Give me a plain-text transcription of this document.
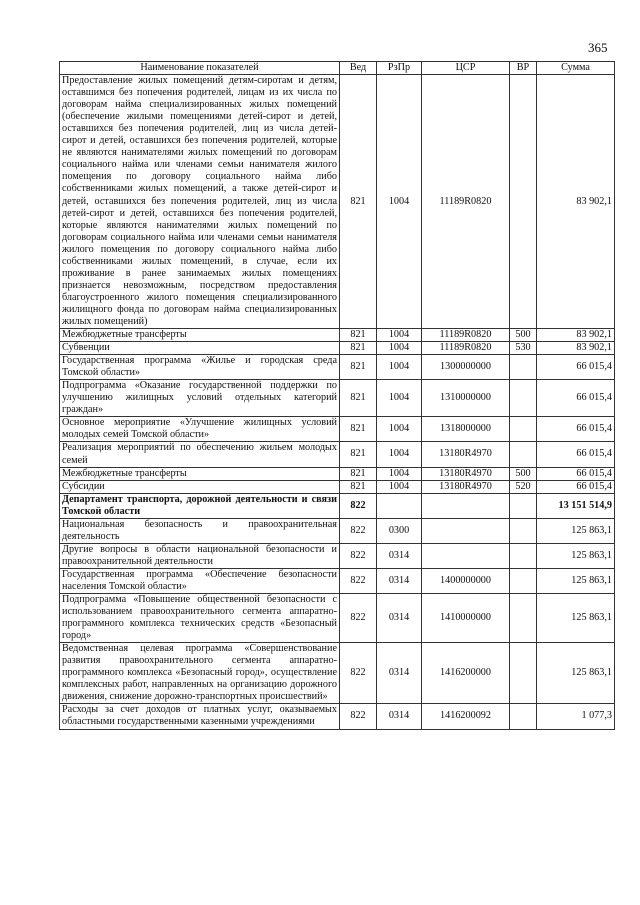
365
Наименование показателей	Вед	РзПр	ЦСР	ВР	Сумма
Предоставление жилых помещений детям-сиротам и детям, оставшимся без попечения родителей, лицам из их числа по договорам найма специализированных жилых помещений (обеспечение жилыми помещениями детей-сирот и детей, оставшихся без попечения родителей, лиц из числа детей-сирот и детей, оставшихся без попечения родителей, которые не являются нанимателями жилых помещений по договорам социального найма или членами семьи нанимателя жилого помещения по договору социального найма либо собственниками жилых помещений, а также детей-сирот и детей, оставшихся без попечения родителей, лиц из числа детей-сирот и детей, оставшихся без попечения родителей, которые являются нанимателями жилых помещений по договорам социального найма или членами семьи нанимателя жилого помещения по договору социального найма либо собственниками жилых помещений, в случае, если их проживание в ранее занимаемых жилых помещениях признается невозможным, посредством предоставления благоустроенного жилого помещения специализированного жилищного фонда по договорам найма специализированных жилых помещений)	821	1004	11189R0820		83 902,1
Межбюджетные трансферты	821	1004	11189R0820	500	83 902,1
Субвенции	821	1004	11189R0820	530	83 902,1
Государственная программа «Жилье и городская среда Томской области»	821	1004	1300000000		66 015,4
Подпрограмма «Оказание государственной поддержки по улучшению жилищных условий отдельных категорий граждан»	821	1004	1310000000		66 015,4
Основное мероприятие «Улучшение жилищных условий молодых семей Томской области»	821	1004	1318000000		66 015,4
Реализация мероприятий по обеспечению жильем молодых семей	821	1004	13180R4970		66 015,4
Межбюджетные трансферты	821	1004	13180R4970	500	66 015,4
Субсидии	821	1004	13180R4970	520	66 015,4
Департамент транспорта, дорожной деятельности и связи Томской области	822				13 151 514,9
Национальная безопасность и правоохранительная деятельность	822	0300			125 863,1
Другие вопросы в области национальной безопасности и правоохранительной деятельности	822	0314			125 863,1
Государственная программа «Обеспечение безопасности населения Томской области»	822	0314	1400000000		125 863,1
Подпрограмма «Повышение общественной безопасности с использованием правоохранительного сегмента аппаратно-программного комплекса технических средств «Безопасный город»	822	0314	1410000000		125 863,1
Ведомственная целевая программа «Совершенствование развития правоохранительного сегмента аппаратно-программного комплекса «Безопасный город», осуществление комплексных работ, направленных на организацию дорожного движения, снижение дорожно-транспортных происшествий»	822	0314	1416200000		125 863,1
Расходы за счет доходов от платных услуг, оказываемых областными государственными казенными учреждениями	822	0314	1416200092		1 077,3
